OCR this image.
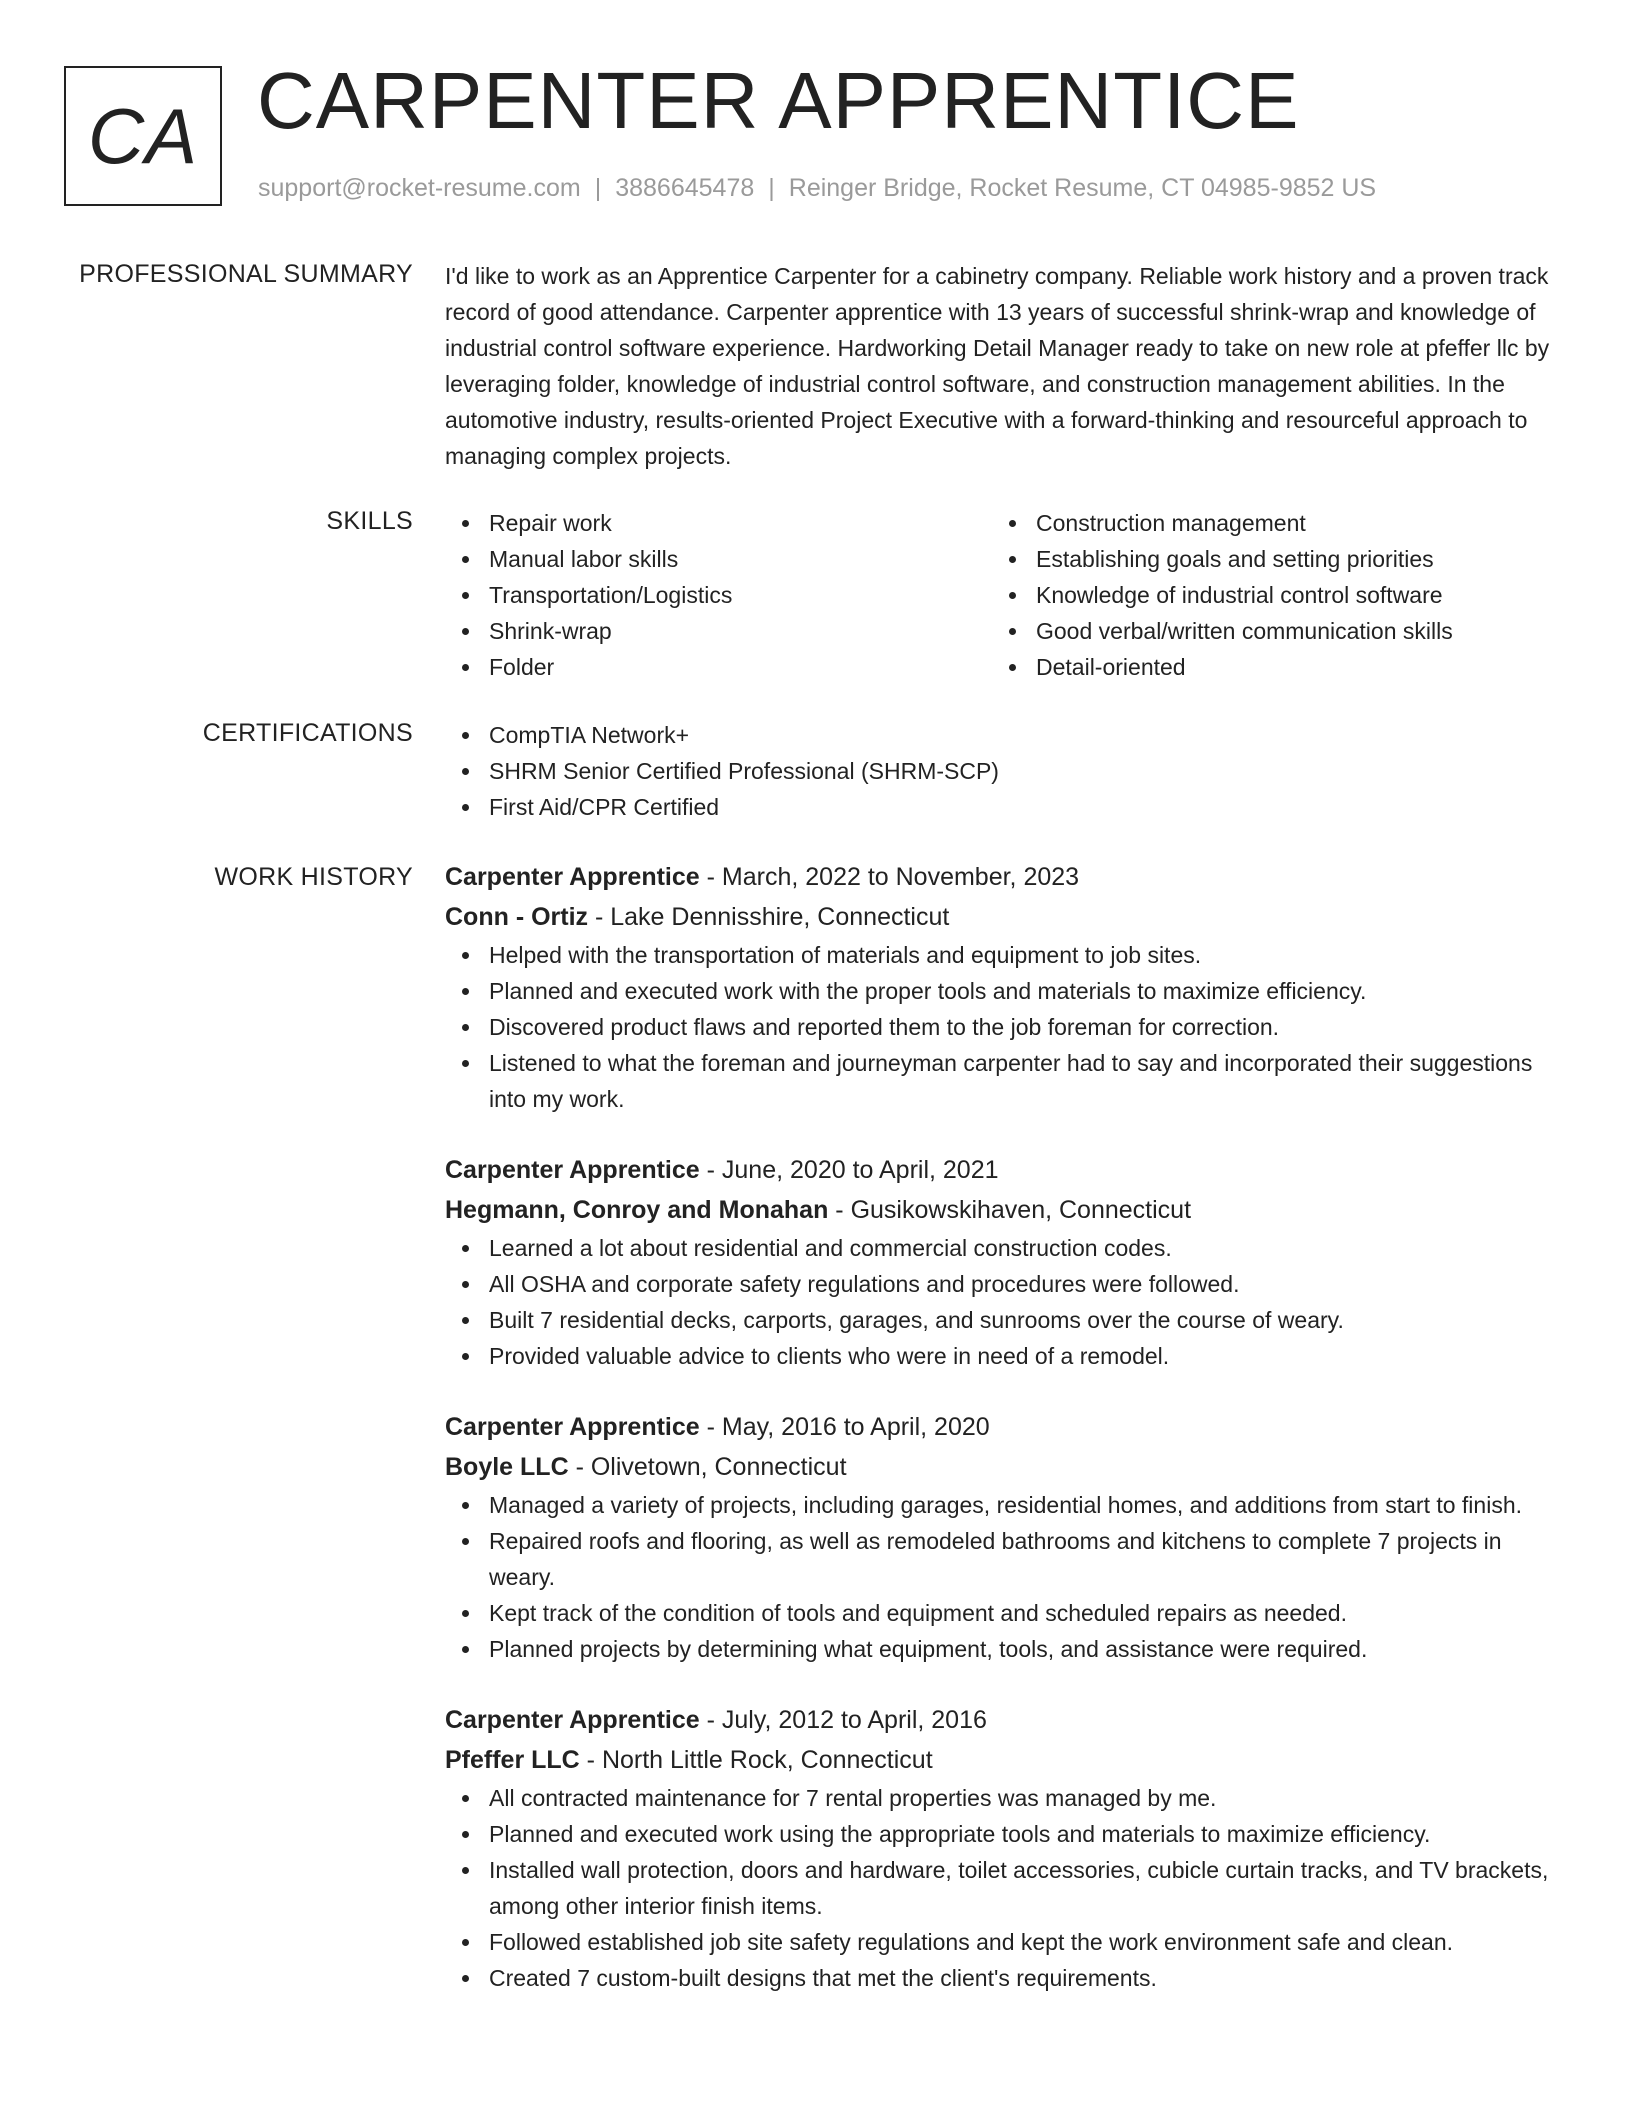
CA CARPENTER APPRENTICE
support@rocket-resume.com | 3886645478 | Reinger Bridge, Rocket Resume, CT 04985-9852 US
PROFESSIONAL SUMMARY I'd like to work as an Apprentice Carpenter for a cabinetry company. Reliable work history and a proven track record of good attendance. Carpenter apprentice with 13 years of successful shrink-wrap and knowledge of industrial control software experience. Hardworking Detail Manager ready to take on new role at pfeffer llc by leveraging folder, knowledge of industrial control software, and construction management abilities. In the automotive industry, results-oriented Project Executive with a forward-thinking and resourceful approach to managing complex projects.

SKILLS	Repair work
Manual labor skills
Transportation/Logistics
Shrink-wrap
Folder
Construction management
Establishing goals and setting priorities
Knowledge of industrial control software
Good verbal/written communication skills
Detail-oriented
CERTIFICATIONS	CompTIA Network+
SHRM Senior Certified Professional (SHRM-SCP)
First Aid/CPR Certified
WORK HISTORY Carpenter Apprentice - March, 2022 to November, 2023
Conn - Ortiz - Lake Dennisshire, Connecticut
Helped with the transportation of materials and equipment to job sites.
Planned and executed work with the proper tools and materials to maximize efficiency.
Discovered product flaws and reported them to the job foreman for correction.
Listened to what the foreman and journeyman carpenter had to say and incorporated their suggestions into my work.
Carpenter Apprentice - June, 2020 to April, 2021
Hegmann, Conroy and Monahan - Gusikowskihaven, Connecticut
Learned a lot about residential and commercial construction codes.
All OSHA and corporate safety regulations and procedures were followed.
Built 7 residential decks, carports, garages, and sunrooms over the course of weary.
Provided valuable advice to clients who were in need of a remodel.
Carpenter Apprentice - May, 2016 to April, 2020
Boyle LLC - Olivetown, Connecticut
Managed a variety of projects, including garages, residential homes, and additions from start to finish.
Repaired roofs and flooring, as well as remodeled bathrooms and kitchens to complete 7 projects in weary.
Kept track of the condition of tools and equipment and scheduled repairs as needed.
Planned projects by determining what equipment, tools, and assistance were required.
Carpenter Apprentice - July, 2012 to April, 2016
Pfeffer LLC - North Little Rock, Connecticut
All contracted maintenance for 7 rental properties was managed by me.
Planned and executed work using the appropriate tools and materials to maximize efficiency.
Installed wall protection, doors and hardware, toilet accessories, cubicle curtain tracks, and TV brackets, among other interior finish items.
Followed established job site safety regulations and kept the work environment safe and clean.
Created 7 custom-built designs that met the client's requirements.
